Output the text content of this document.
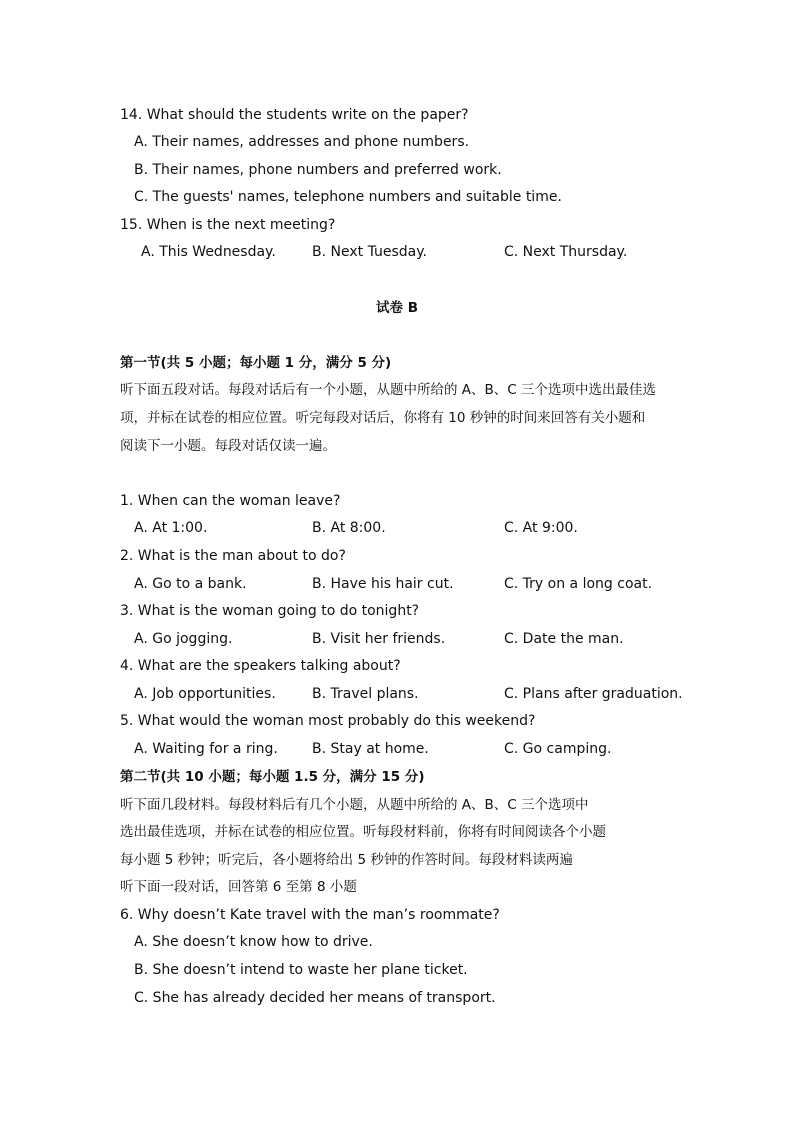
14. What should the students write on the paper?
A. Their names, addresses and phone numbers.
B. Their names, phone numbers and preferred work.
C. The guests' names, telephone numbers and suitable time.
15. When is the next meeting?
A. This Wednesday.	B. Next Tuesday.	C. Next Thursday.
试卷 B
第一节(共 5 小题；每小题 1 分，满分 5 分)
听下面五段对话。每段对话后有一个小题，从题中所给的 A、B、C 三个选项中选出最佳选
项，并标在试卷的相应位置。听完每段对话后，你将有 10 秒钟的时间来回答有关小题和
阅读下一小题。每段对话仅读一遍。
1. When can the woman leave?
A. At 1:00.	B. At 8:00.	C. At 9:00.
2. What is the man about to do?
A. Go to a bank.	B. Have his hair cut.	C. Try on a long coat.
3. What is the woman going to do tonight?
A. Go jogging.	B. Visit her friends.	C. Date the man.
4. What are the speakers talking about?
A. Job opportunities.	B. Travel plans.	C. Plans after graduation.
5. What would the woman most probably do this weekend?
A. Waiting for a ring. B. Stay at home.	C. Go camping.
第二节(共 10 小题；每小题 1.5 分，满分 15 分)
听下面几段材料。每段材料后有几个小题，从题中所给的 A、B、C 三个选项中
选出最佳选项，并标在试卷的相应位置。听每段材料前，你将有时间阅读各个小题
每小题 5 秒钟；听完后，各小题将给出 5 秒钟的作答时间。每段材料读两遍
听下面一段对话，回答第 6 至第 8 小题
6. Why doesn’t Kate travel with the man’s roommate?
A. She doesn’t know how to drive.
B. She doesn’t intend to waste her plane ticket.
C. She has already decided her means of transport.
